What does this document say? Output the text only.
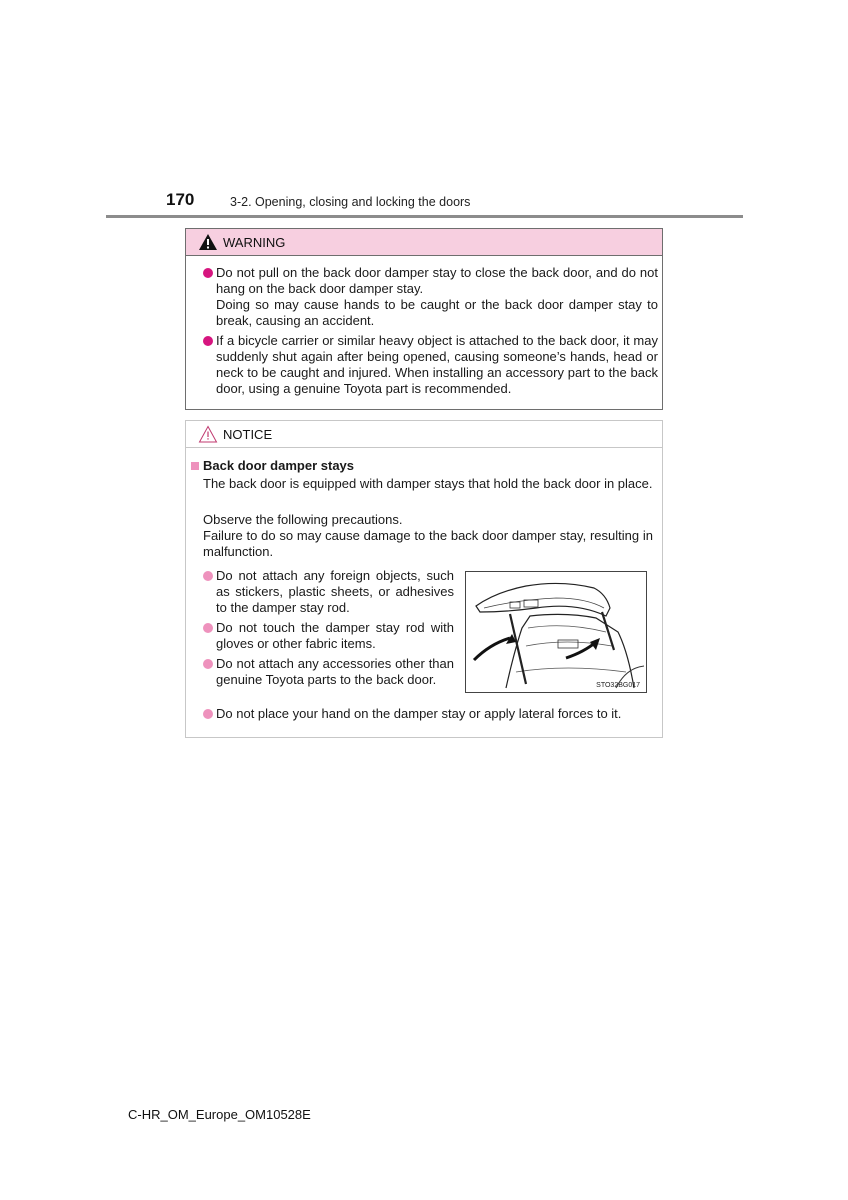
170	3-2. Opening, closing and locking the doors
WARNING
Do not pull on the back door damper stay to close the back door, and do not hang on the back door damper stay.
Doing so may cause hands to be caught or the back door damper stay to break, causing an accident.
If a bicycle carrier or similar heavy object is attached to the back door, it may suddenly shut again after being opened, causing someone’s hands, head or neck to be caught and injured. When installing an accessory part to the back door, using a genuine Toyota part is recommended.
NOTICE
Back door damper stays
The back door is equipped with damper stays that hold the back door in place.
Observe the following precautions.
Failure to do so may cause damage to the back door damper stay, resulting in malfunction.
Do not attach any foreign objects, such as stickers, plastic sheets, or adhesives to the damper stay rod.
Do not touch the damper stay rod with gloves or other fabric items.
Do not attach any accessories other than genuine Toyota parts to the back door.	STO32BG017
Do not place your hand on the damper stay or apply lateral forces to it.
C-HR_OM_Europe_OM10528E
